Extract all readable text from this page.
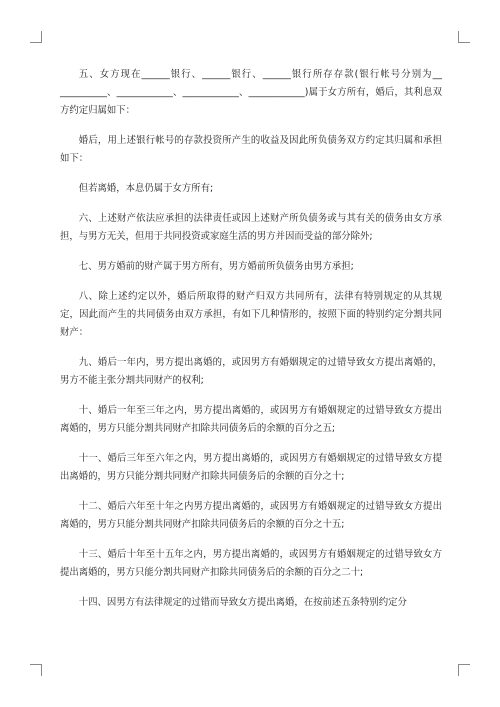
五、女方现在______银行、______银行、______银行所存存款(银行帐号分别为__ __________、____________、____________、____________)属于女方所有，婚后，其利息双方约定归属如下：

婚后，用上述银行帐号的存款投资所产生的收益及因此所负债务双方约定其归属和承担如下：

但若离婚，本息仍属于女方所有;

六、上述财产依法应承担的法律责任或因上述财产所负债务或与其有关的债务由女方承担，与男方无关，但用于共同投资或家庭生活的男方并因而受益的部分除外;

七、男方婚前的财产属于男方所有，男方婚前所负债务由男方承担;

八、除上述约定以外，婚后所取得的财产归双方共同所有，法律有特别规定的从其规定，因此而产生的共同债务由双方承担，有如下几种情形的，按照下面的特别约定分割共同财产：

九、婚后一年内，男方提出离婚的，或因男方有婚姻规定的过错导致女方提出离婚的，男方不能主张分割共同财产的权利;

十、婚后一年至三年之内，男方提出离婚的，或因男方有婚姻规定的过错导致女方提出离婚的，男方只能分割共同财产扣除共同债务后的余额的百分之五;

十一、婚后三年至六年之内，男方提出离婚的，或因男方有婚姻规定的过错导致女方提出离婚的，男方只能分割共同财产扣除共同债务后的余额的百分之十;

十二、婚后六年至十年之内男方提出离婚的，或因男方有婚姻规定的过错导致女方提出离婚的，男方只能分割共同财产扣除共同债务后的余额的百分之十五;

十三、婚后十年至十五年之内，男方提出离婚的，或因男方有婚姻规定的过错导致女方提出离婚的，男方只能分割共同财产扣除共同债务后的余额的百分之二十;

十四、因男方有法律规定的过错而导致女方提出离婚，在按前述五条特别约定分
